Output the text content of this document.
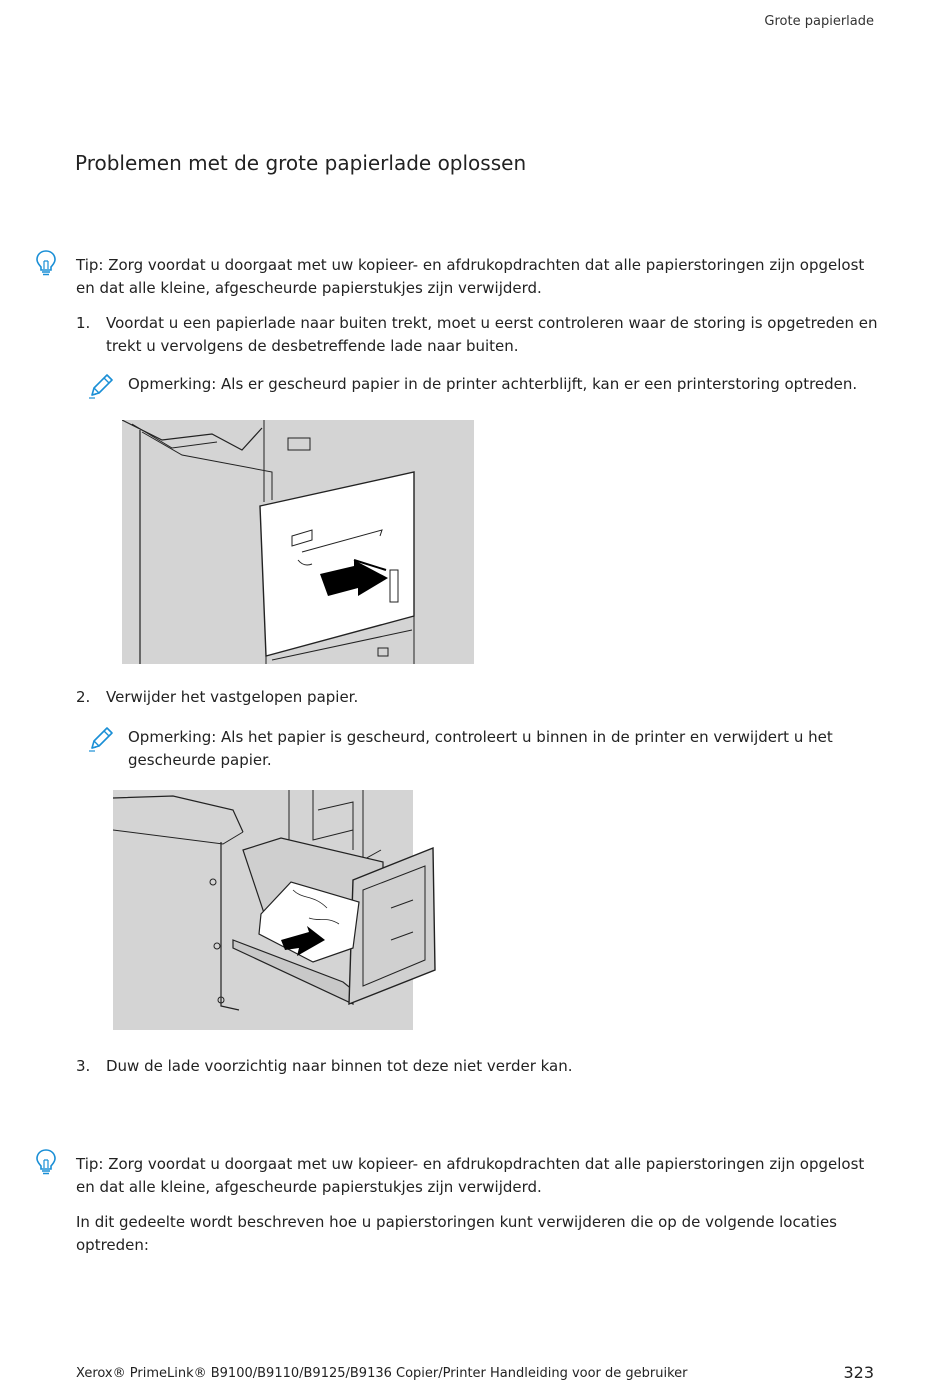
Grote papierlade
Problemen met de grote papierlade oplossen
Tip: Zorg voordat u doorgaat met uw kopieer- en afdrukopdrachten dat alle papierstoringen zijn opgelost en dat alle kleine, afgescheurde papierstukjes zijn verwijderd.
1. Voordat u een papierlade naar buiten trekt, moet u eerst controleren waar de storing is opgetreden en trekt u vervolgens de desbetreffende lade naar buiten.
Opmerking: Als er gescheurd papier in de printer achterblijft, kan er een printerstoring optreden.
2. Verwijder het vastgelopen papier.
Opmerking: Als het papier is gescheurd, controleert u binnen in de printer en verwijdert u het gescheurde papier.
3. Duw de lade voorzichtig naar binnen tot deze niet verder kan.
Tip: Zorg voordat u doorgaat met uw kopieer- en afdrukopdrachten dat alle papierstoringen zijn opgelost en dat alle kleine, afgescheurde papierstukjes zijn verwijderd.
In dit gedeelte wordt beschreven hoe u papierstoringen kunt verwijderen die op de volgende locaties optreden:
Xerox® PrimeLink® B9100/B9110/B9125/B9136 Copier/Printer Handleiding voor de gebruiker	323
